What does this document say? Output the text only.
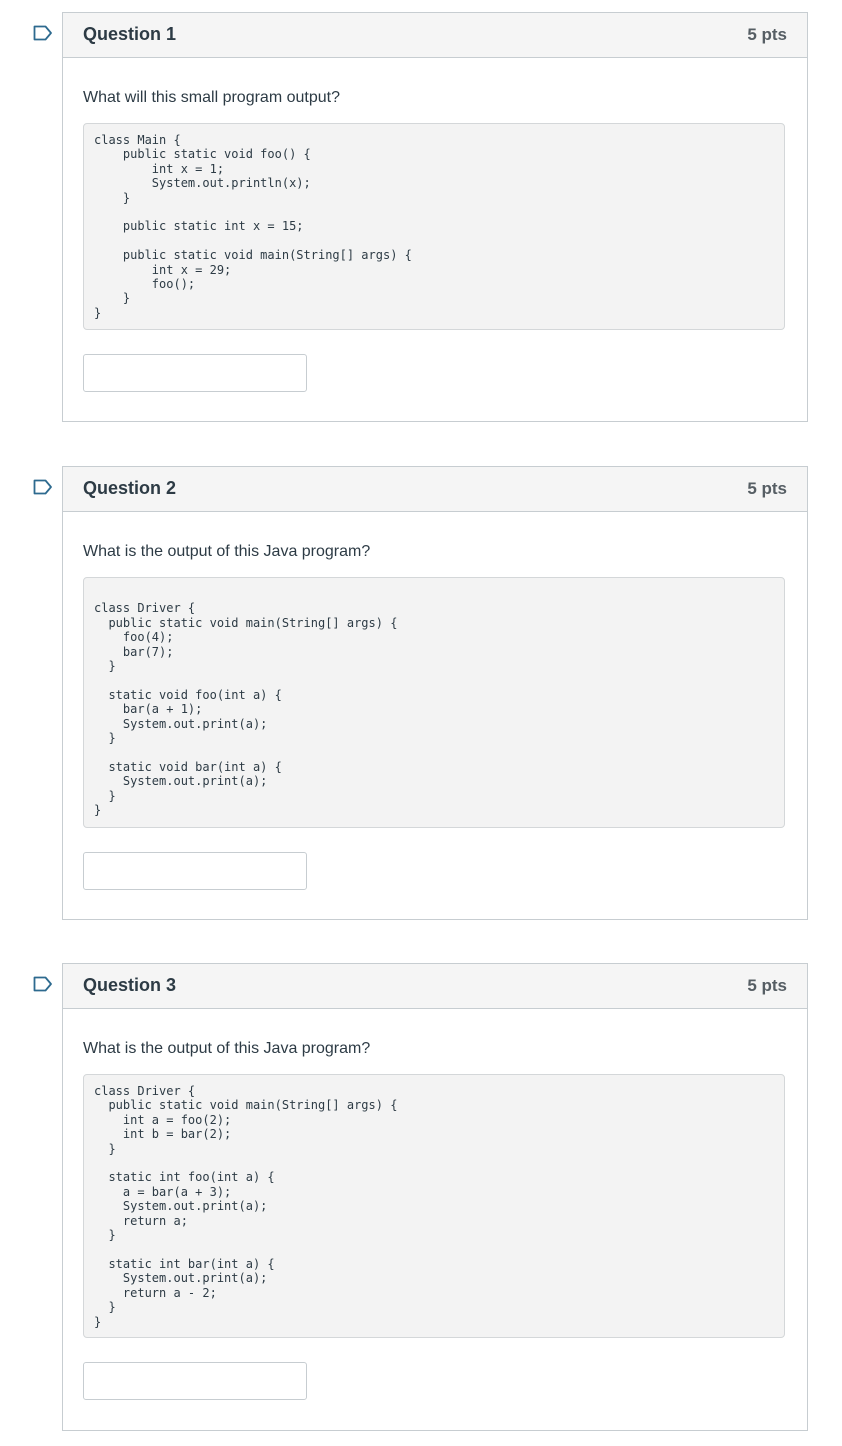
Question 1	5 pts

What will this small program output?

class Main {
public static void foo() {
int x = 1;
System.out.println(x);
}

public static int x = 15;

public static void main(String[] args) {
int x = 29;
foo();
}
}
Question 2	5 pts

What is the output of this Java program?

class Driver {
public static void main(String[] args) {
foo(4);
bar(7);
}

static void foo(int a) {
bar(a + 1);
System.out.print(a);
}

static void bar(int a) {
System.out.print(a);
}
}
Question 3	5 pts

What is the output of this Java program?

class Driver {
public static void main(String[] args) {
int a = foo(2);
int b = bar(2);
}

static int foo(int a) {
a = bar(a + 3);
System.out.print(a);
return a;
}

static int bar(int a) {
System.out.print(a);
return a - 2;
}
}
